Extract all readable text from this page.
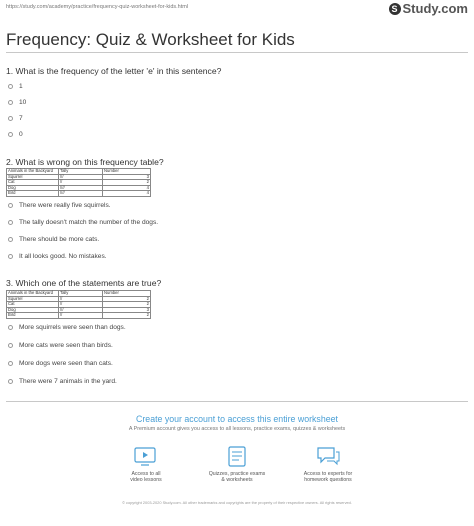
https://study.com/academy/practice/frequency-quiz-worksheet-for-kids.html	S Study.com
Frequency: Quiz & Worksheet for Kids
1. What is the frequency of the letter 'e' in this sentence?
1
10
7
0
2. What is wrong on this frequency table?
Animals in the Backyard	Tally	Number
Squirrel	///	3
Cat	//	2
Dog	////	4
Bird	////	4
There were really five squirrels.
The tally doesn't match the number of the dogs.
There should be more cats.
It all looks good. No mistakes.
3. Which one of the statements are true?
Animals in the Backyard	Tally	Number
Squirrel	//	2
Cat	//	2
Dog	///	3
Bird	//	2
More squirrels were seen than dogs.
More cats were seen than birds.
More dogs were seen than cats.
There were 7 animals in the yard.
Create your account to access this entire worksheet
A Premium account gives you access to all lessons, practice exams, quizzes & worksheets
Access to all
video lessons
Quizzes, practice exams
& worksheets
Access to experts for
homework questions
© copyright 2003-2020 Study.com. All other trademarks and copyrights are the property of their respective owners. All rights reserved.
